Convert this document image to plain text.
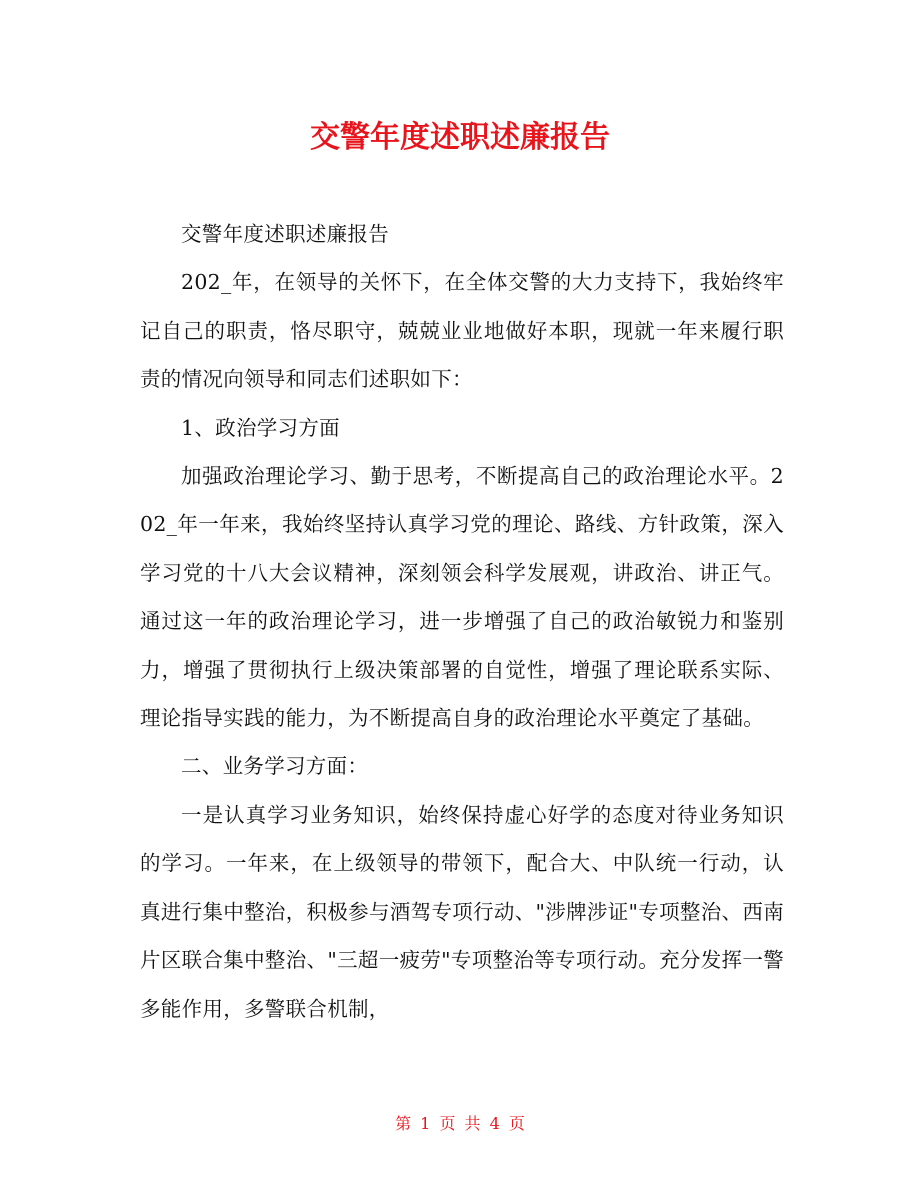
交警年度述职述廉报告

交警年度述职述廉报告

202_年，在领导的关怀下，在全体交警的大力支持下，我始终牢记自己的职责，恪尽职守，兢兢业业地做好本职，现就一年来履行职责的情况向领导和同志们述职如下：

1、政治学习方面

加强政治理论学习、勤于思考，不断提高自己的政治理论水平。202_年一年来，我始终坚持认真学习党的理论、路线、方针政策，深入学习党的十八大会议精神，深刻领会科学发展观，讲政治、讲正气。通过这一年的政治理论学习，进一步增强了自己的政治敏锐力和鉴别力，增强了贯彻执行上级决策部署的自觉性，增强了理论联系实际、理论指导实践的能力，为不断提高自身的政治理论水平奠定了基础。

二、业务学习方面：

一是认真学习业务知识，始终保持虚心好学的态度对待业务知识的学习。一年来，在上级领导的带领下，配合大、中队统一行动，认真进行集中整治，积极参与酒驾专项行动、"涉牌涉证"专项整治、西南片区联合集中整治、"三超一疲劳"专项整治等专项行动。充分发挥一警多能作用，多警联合机制，

第 1 页 共 4 页
